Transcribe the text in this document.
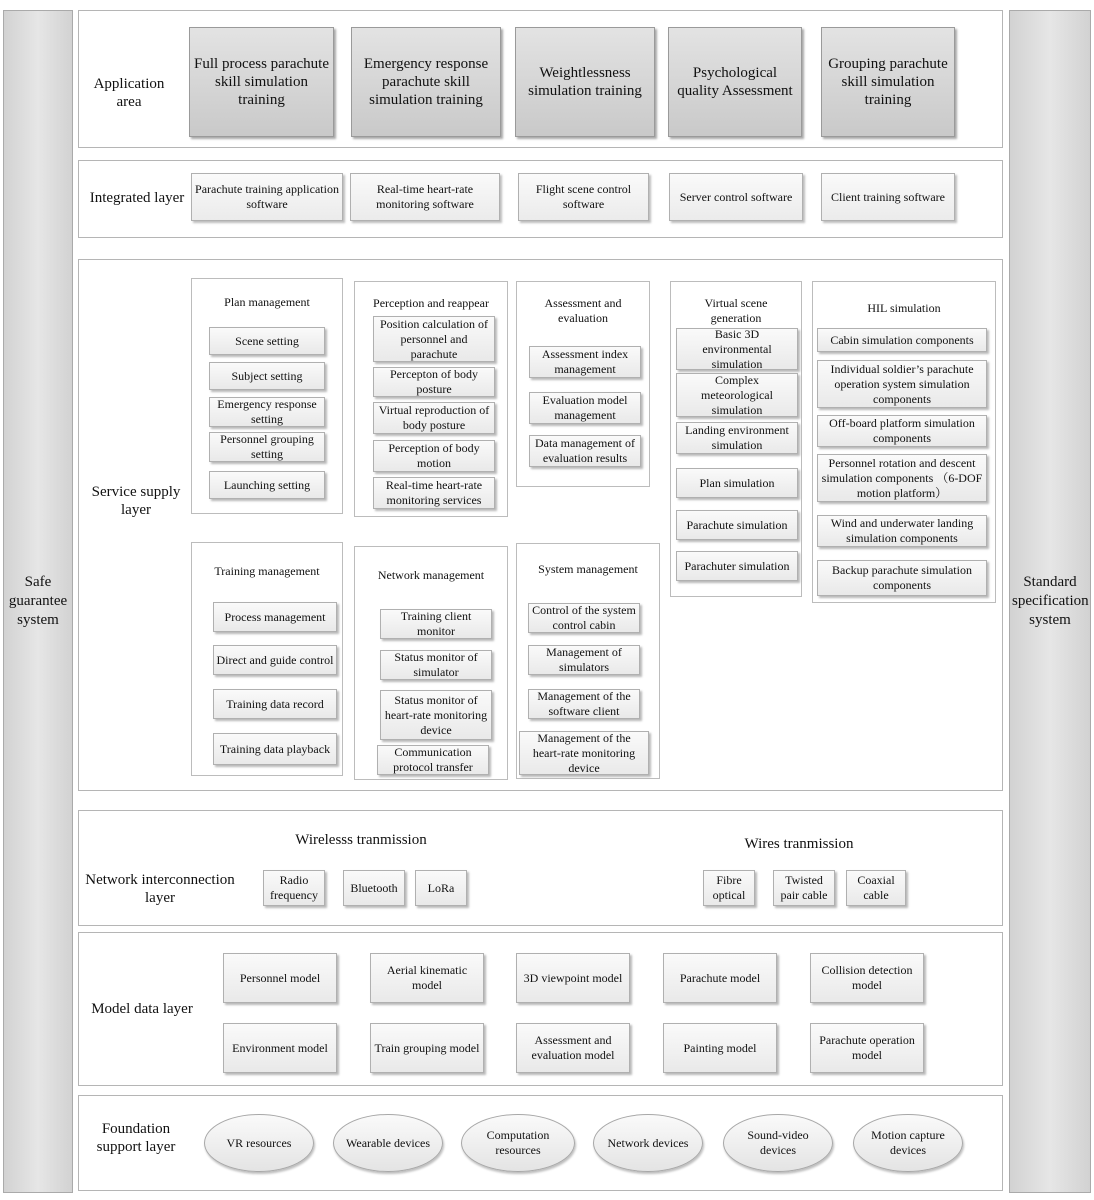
Safe guarantee system
Standard specification system
Application area
Full process parachute skill simulation training
Emergency response parachute skill simulation training
Weightlessness simulation training
Psychological quality Assessment
Grouping parachute skill simulation training
Integrated layer
Parachute training application software
Real-time heart-rate monitoring software
Flight scene control software
Server control software	Client training software
Service supply layer
Plan management
Scene setting
Subject setting
Emergency response setting
Personnel grouping setting
Launching setting
Perception and reappear
Position calculation of personnel and parachute
Percepton of body posture
Virtual reproduction of body posture
Perception of body motion
Real-time heart-rate monitoring services
Assessment and evaluation
Assessment index management
Evaluation model management
Data management of evaluation results
Virtual scene generation
Basic 3D environmental simulation
Complex meteorological simulation
Landing environment simulation
Plan simulation
Parachute simulation
Parachuter simulation
HIL simulation
Cabin simulation components
Individual soldier’s parachute operation system simulation components
Off-board platform simulation components
Personnel rotation and descent simulation components （6-DOF motion platform）
Wind and underwater landing simulation components
Backup parachute simulation components
Training management
Process management
Direct and guide control
Training data record
Training data playback
Network management
Training client monitor
Status monitor of simulator
Status monitor of heart-rate monitoring device
Communication protocol transfer
System management
Control of the system control cabin
Management of simulators
Management of the software client
Management of the heart-rate monitoring device
Network interconnection layer
Wirelesss tranmission
Radio frequency
Bluetooth	LoRa
Wires tranmission
Fibre optical
Twisted pair cable
Coaxial cable
Model data layer
Personnel model
Aerial kinematic model
3D viewpoint model	Parachute model
Collision detection model
Environment model	Train grouping model
Assessment and evaluation model
Painting model
Parachute operation model
Foundation support layer	VR resources	Wearable devices
Computation resources
Network devices
Sound-video devices
Motion capture devices
